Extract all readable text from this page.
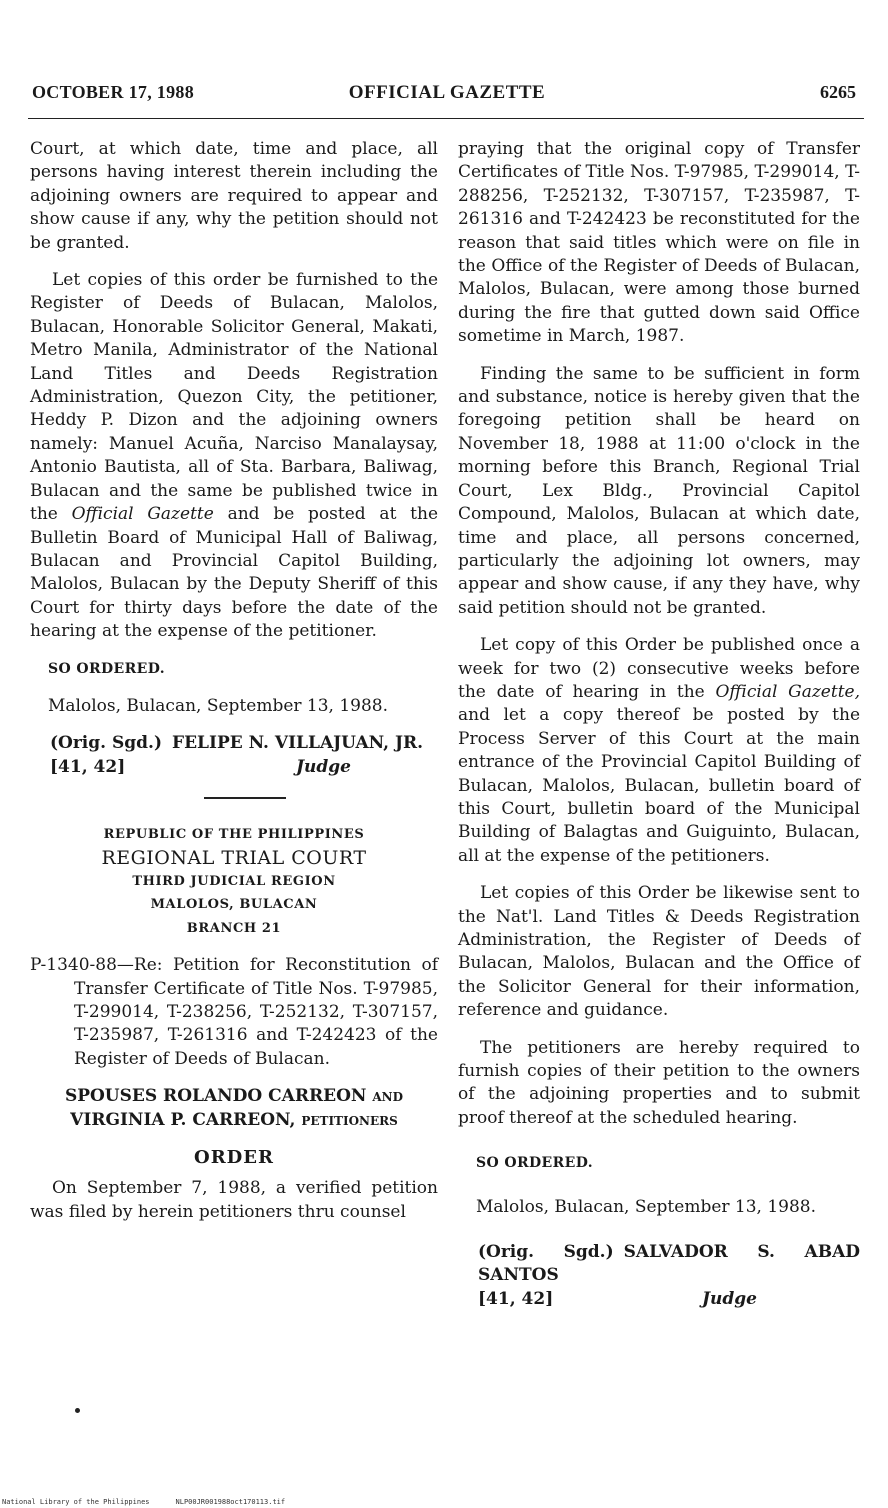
OCTOBER 17, 1988	OFFICIAL GAZETTE	6265

Court, at which date, time and place, all persons having interest therein including the adjoining owners are required to appear and show cause if any, why the petition should not be granted.

Let copies of this order be furnished to the Register of Deeds of Bulacan, Malolos, Bulacan, Honorable Solicitor General, Makati, Metro Manila, Administrator of the National Land Titles and Deeds Registration Administration, Quezon City, the petitioner, Heddy P. Dizon and the adjoining owners namely: Manuel Acuña, Narciso Manalaysay, Antonio Bautista, all of Sta. Barbara, Baliwag, Bulacan and the same be published twice in the Official Gazette and be posted at the Bulletin Board of Municipal Hall of Baliwag, Bulacan and Provincial Capitol Building, Malolos, Bulacan by the Deputy Sheriff of this Court for thirty days before the date of the hearing at the expense of the petitioner.

SO ORDERED.

Malolos, Bulacan, September 13, 1988.

(Orig. Sgd.) FELIPE N. VILLAJUAN, JR.
[41, 42]	Judge
REPUBLIC OF THE PHILIPPINES
REGIONAL TRIAL COURT
THIRD JUDICIAL REGION
MALOLOS, BULACAN
BRANCH 21

P-1340-88—Re: Petition for Reconstitution of Transfer Certificate of Title Nos. T-97985, T-299014, T-238256, T-252132, T-307157, T-235987, T-261316 and T-242423 of the Register of Deeds of Bulacan.

SPOUSES ROLANDO CARREON and VIRGINIA P. CARREON, petitioners

ORDER

On September 7, 1988, a verified petition was filed by herein petitioners thru counsel

praying that the original copy of Transfer Certificates of Title Nos. T-97985, T-299014, T-288256, T-252132, T-307157, T-235987, T-261316 and T-242423 be reconstituted for the reason that said titles which were on file in the Office of the Register of Deeds of Bulacan, Malolos, Bulacan, were among those burned during the fire that gutted down said Office sometime in March, 1987.

Finding the same to be sufficient in form and substance, notice is hereby given that the foregoing petition shall be heard on November 18, 1988 at 11:00 o'clock in the morning before this Branch, Regional Trial Court, Lex Bldg., Provincial Capitol Compound, Malolos, Bulacan at which date, time and place, all persons concerned, particularly the adjoining lot owners, may appear and show cause, if any they have, why said petition should not be granted.

Let copy of this Order be published once a week for two (2) consecutive weeks before the date of hearing in the Official Gazette, and let a copy thereof be posted by the Process Server of this Court at the main entrance of the Provincial Capitol Building of Bulacan, Malolos, Bulacan, bulletin board of this Court, bulletin board of the Municipal Building of Balagtas and Guiguinto, Bulacan, all at the expense of the petitioners.

Let copies of this Order be likewise sent to the Nat'l. Land Titles & Deeds Registration Administration, the Register of Deeds of Bulacan, Malolos, Bulacan and the Office of the Solicitor General for their information, reference and guidance.

The petitioners are hereby required to furnish copies of their petition to the owners of the adjoining properties and to submit proof thereof at the scheduled hearing.

SO ORDERED.

Malolos, Bulacan, September 13, 1988.

(Orig. Sgd.) SALVADOR S. ABAD SANTOS
[41, 42]	Judge
National Library of the Philippines	NLP00JR001988oct170113.tif
